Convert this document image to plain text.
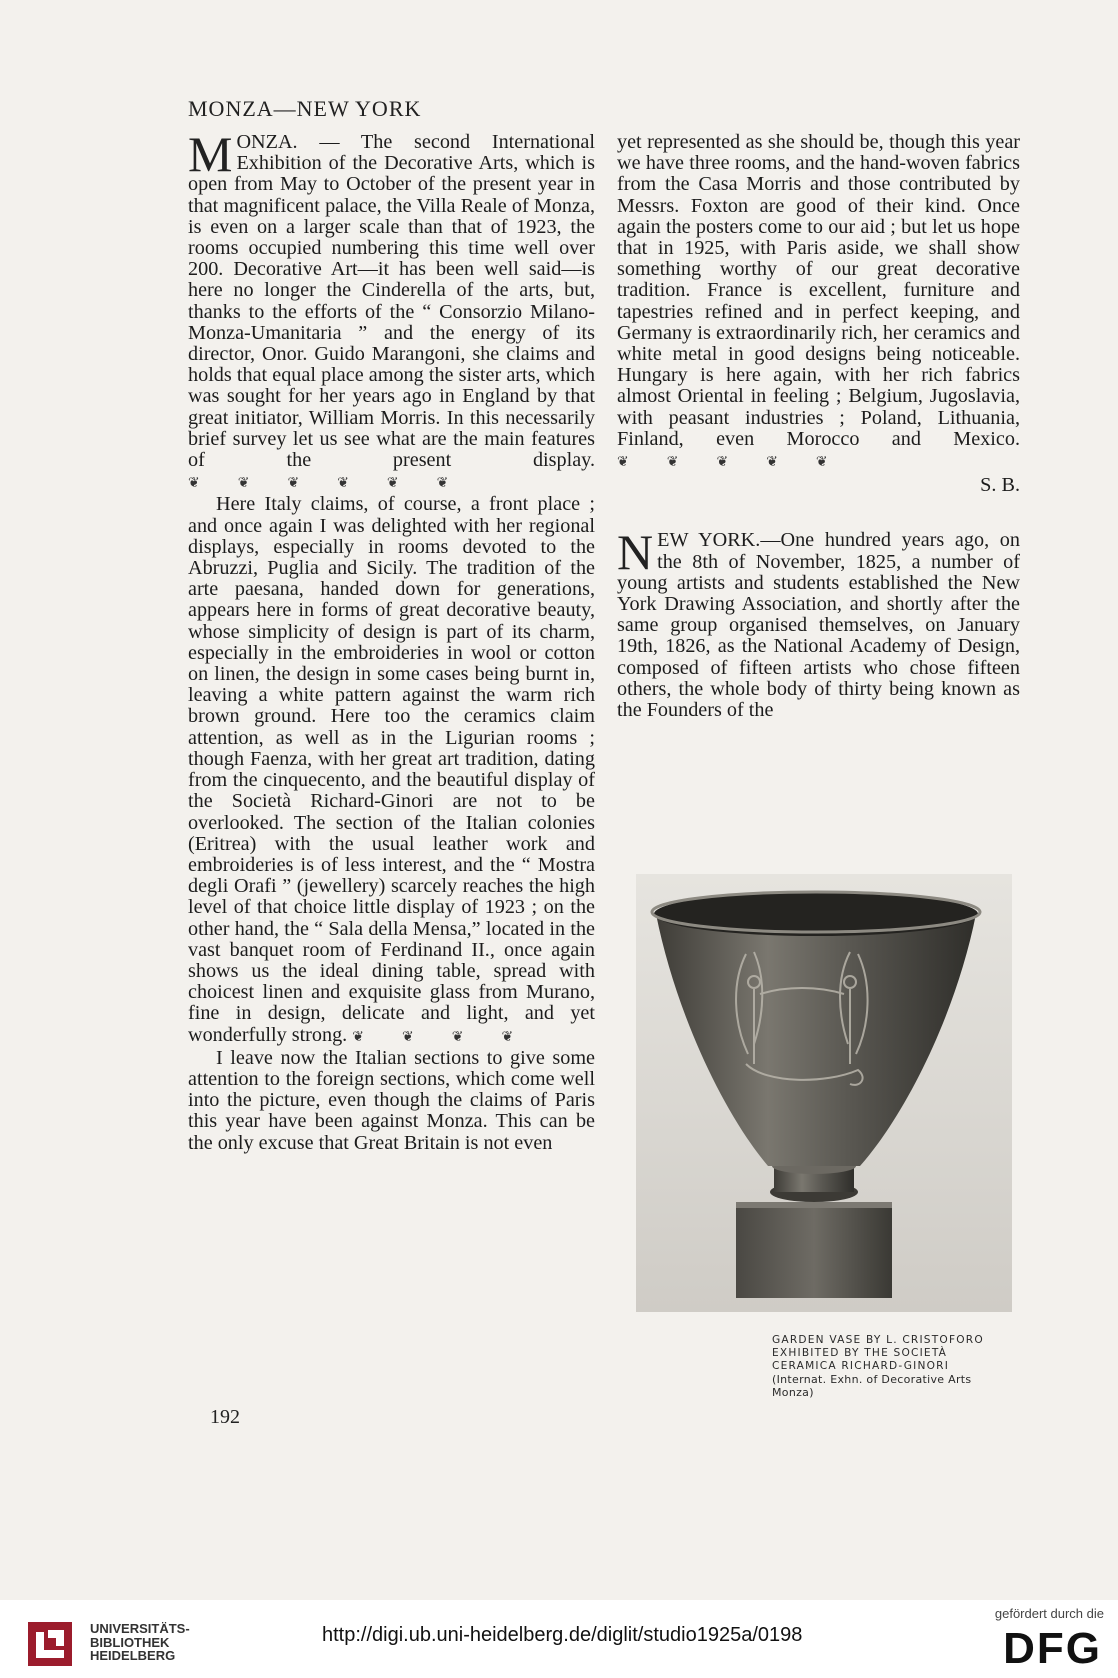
MONZA—NEW YORK

MONZA. — The second International Exhibition of the Decorative Arts, which is open from May to October of the present year in that magnificent palace, the Villa Reale of Monza, is even on a larger scale than that of 1923, the rooms occupied numbering this time well over 200. Decorative Art—it has been well said—is here no longer the Cinderella of the arts, but, thanks to the efforts of the “ Consorzio Milano-Monza-Umanitaria ” and the energy of its director, Onor. Guido Marangoni, she claims and holds that equal place among the sister arts, which was sought for her years ago in England by that great initiator, William Morris. In this necessarily brief survey let us see what are the main features of the present display. ❦❦❦❦❦❦

Here Italy claims, of course, a front place ; and once again I was delighted with her regional displays, especially in rooms devoted to the Abruzzi, Puglia and Sicily. The tradition of the arte paesana, handed down for generations, appears here in forms of great decorative beauty, whose simplicity of design is part of its charm, especially in the embroideries in wool or cotton on linen, the design in some cases being burnt in, leaving a white pattern against the warm rich brown ground. Here too the ceramics claim attention, as well as in the Ligurian rooms ; though Faenza, with her great art tradition, dating from the cinquecento, and the beautiful display of the Società Richard-Ginori are not to be overlooked. The section of the Italian colonies (Eritrea) with the usual leather work and embroideries is of less interest, and the “ Mostra degli Orafi ” (jewellery) scarcely reaches the high level of that choice little display of 1923 ; on the other hand, the “ Sala della Mensa,” located in the vast banquet room of Ferdinand II., once again shows us the ideal dining table, spread with choicest linen and exquisite glass from Murano, fine in design, delicate and light, and yet wonderfully strong. ❦❦❦❦

I leave now the Italian sections to give some attention to the foreign sections, which come well into the picture, even though the claims of Paris this year have been against Monza. This can be the only excuse that Great Britain is not even

yet represented as she should be, though this year we have three rooms, and the hand-woven fabrics from the Casa Morris and those contributed by Messrs. Foxton are good of their kind. Once again the posters come to our aid ; but let us hope that in 1925, with Paris aside, we shall show something worthy of our great decorative tradition. France is excellent, furniture and tapestries refined and in perfect keeping, and Germany is extraordinarily rich, her ceramics and white metal in good designs being noticeable. Hungary is here again, with her rich fabrics almost Oriental in feeling ; Belgium, Jugoslavia, with peasant industries ; Poland, Lithuania, Finland, even Morocco and Mexico. ❦❦❦❦❦

S. B.

NEW YORK.—One hundred years ago, on the 8th of November, 1825, a number of young artists and students established the New York Drawing Association, and shortly after the same group organised themselves, on January 19th, 1826, as the National Academy of Design, composed of fifteen artists who chose fifteen others, the whole body of thirty being known as the Founders of the

GARDEN VASE BY L. CRISTOFORO
EXHIBITED BY THE SOCIETÀ
CERAMICA RICHARD-GINORI
(Internat. Exhn. of Decorative Arts Monza)
192
UNIVERSITÄTS-
BIBLIOTHEK
HEIDELBERG
http://digi.ub.uni-heidelberg.de/diglit/studio1925a/0198
gefördert durch die
DFG
